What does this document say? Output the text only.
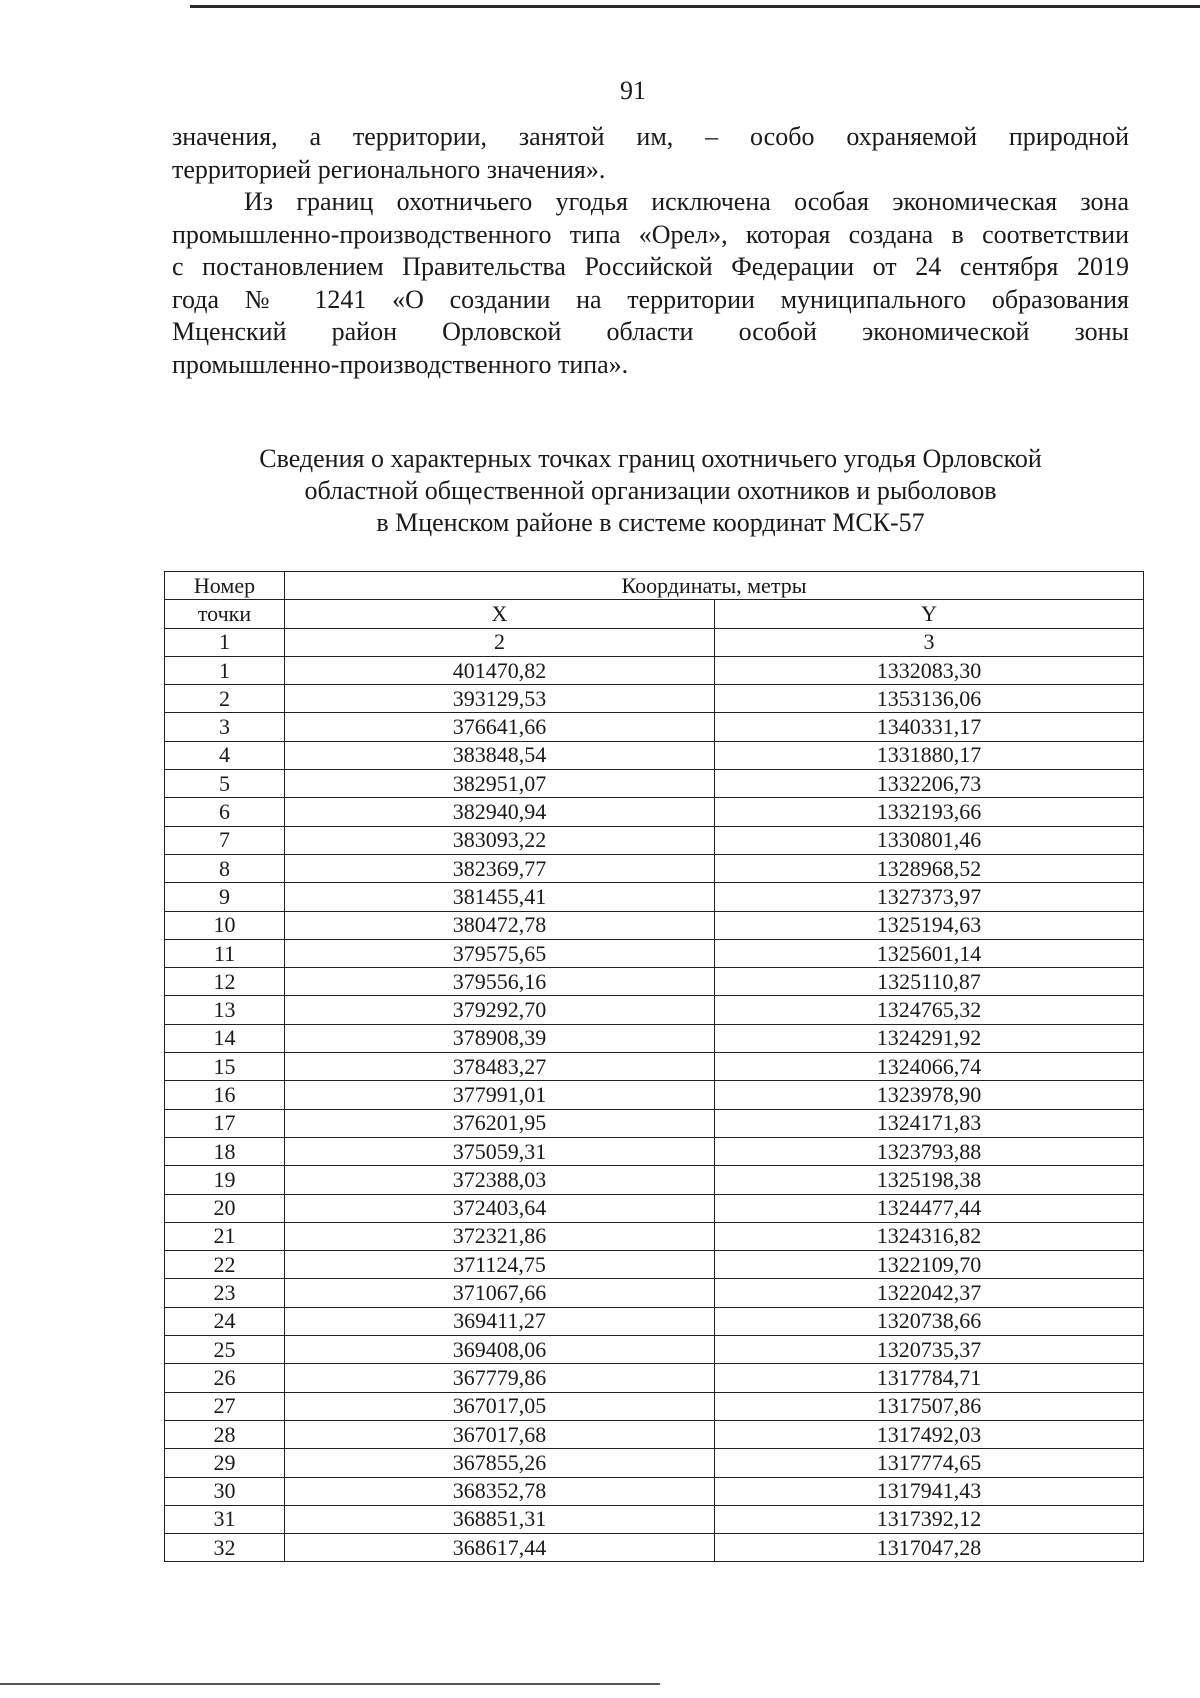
91

значения, а территории, занятой им, – особо охраняемой природной
территорией регионального значения».

Из границ охотничьего угодья исключена особая экономическая зона
промышленно-производственного типа «Орел», которая создана в соответствии
с постановлением Правительства Российской Федерации от 24 сентября 2019
года № 1241 «О создании на территории муниципального образования
Мценский район Орловской области особой экономической зоны
промышленно-производственного типа».

Сведения о характерных точках границ охотничьего угодья Орловской
областной общественной организации охотников и рыболовов
в Мценском районе в системе координат МСК-57
Номер	Координаты, метры	
точки	X	Y
1	2	3
1	401470,82	1332083,30
2	393129,53	1353136,06
3	376641,66	1340331,17
4	383848,54	1331880,17
5	382951,07	1332206,73
6	382940,94	1332193,66
7	383093,22	1330801,46
8	382369,77	1328968,52
9	381455,41	1327373,97
10	380472,78	1325194,63
11	379575,65	1325601,14
12	379556,16	1325110,87
13	379292,70	1324765,32
14	378908,39	1324291,92
15	378483,27	1324066,74
16	377991,01	1323978,90
17	376201,95	1324171,83
18	375059,31	1323793,88
19	372388,03	1325198,38
20	372403,64	1324477,44
21	372321,86	1324316,82
22	371124,75	1322109,70
23	371067,66	1322042,37
24	369411,27	1320738,66
25	369408,06	1320735,37
26	367779,86	1317784,71
27	367017,05	1317507,86
28	367017,68	1317492,03
29	367855,26	1317774,65
30	368352,78	1317941,43
31	368851,31	1317392,12
32	368617,44	1317047,28
